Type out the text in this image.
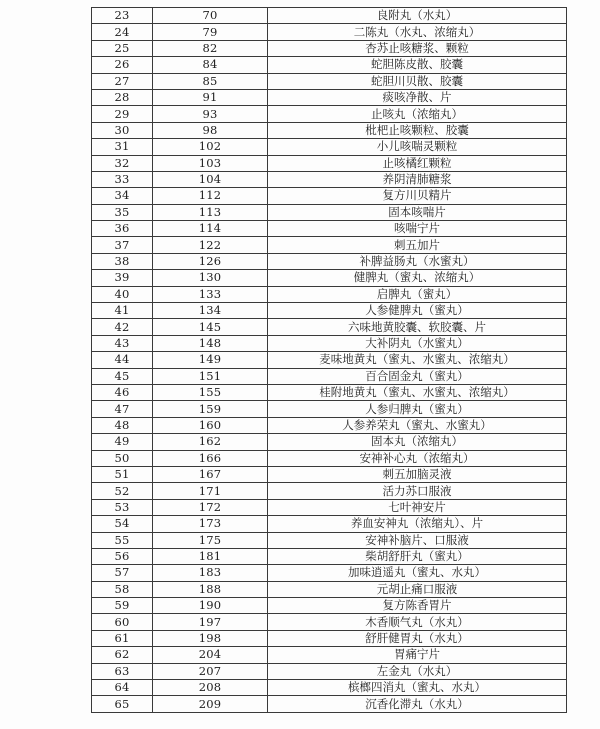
23	70	良附丸（水丸）
24	79	二陈丸（水丸、浓缩丸）
25	82	杏苏止咳糖浆、颗粒
26	84	蛇胆陈皮散、胶囊
27	85	蛇胆川贝散、胶囊
28	91	痰咳净散、片
29	93	止咳丸（浓缩丸）
30	98	枇杷止咳颗粒、胶囊
31	102	小儿咳喘灵颗粒
32	103	止咳橘红颗粒
33	104	养阴清肺糖浆
34	112	复方川贝精片
35	113	固本咳喘片
36	114	咳喘宁片
37	122	刺五加片
38	126	补脾益肠丸（水蜜丸）
39	130	健脾丸（蜜丸、浓缩丸）
40	133	启脾丸（蜜丸）
41	134	人参健脾丸（蜜丸）
42	145	六味地黄胶囊、软胶囊、片
43	148	大补阴丸（水蜜丸）
44	149	麦味地黄丸（蜜丸、水蜜丸、浓缩丸）
45	151	百合固金丸（蜜丸）
46	155	桂附地黄丸（蜜丸、水蜜丸、浓缩丸）
47	159	人参归脾丸（蜜丸）
48	160	人参养荣丸（蜜丸、水蜜丸）
49	162	固本丸（浓缩丸）
50	166	安神补心丸（浓缩丸）
51	167	刺五加脑灵液
52	171	活力苏口服液
53	172	七叶神安片
54	173	养血安神丸（浓缩丸）、片
55	175	安神补脑片、口服液
56	181	柴胡舒肝丸（蜜丸）
57	183	加味逍遥丸（蜜丸、水丸）
58	188	元胡止痛口服液
59	190	复方陈香胃片
60	197	木香顺气丸（水丸）
61	198	舒肝健胃丸（水丸）
62	204	胃痛宁片
63	207	左金丸（水丸）
64	208	槟榔四消丸（蜜丸、水丸）
65	209	沉香化滞丸（水丸）
